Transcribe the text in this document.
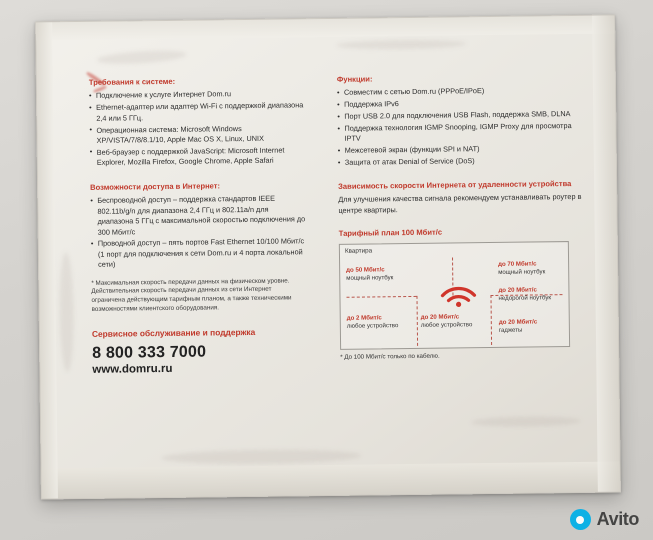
Требования к системе:
• Подключение к услуге Интернет Dom.ru
• Ethernet-адаптер или адаптер Wi-Fi с поддержкой диапазона 2,4 или 5 ГГц.
• Операционная система: Microsoft Windows XP/VISTA/7/8/8.1/10, Apple Mac OS X, Linux, UNIX
• Веб-браузер с поддержкой JavaScript: Microsoft Internet Explorer, Mozilla Firefox, Google Chrome, Apple Safari
Возможности доступа в Интернет:
• Беспроводной доступ – поддержка стандартов IEEE 802.11b/g/n для диапазона 2,4 ГГц и 802.11a/n для диапазона 5 ГГц с максимальной скоростью подключения до 300 Мбит/с
• Проводной доступ – пять портов Fast Ethernet 10/100 Мбит/с (1 порт для подключения к сети Dom.ru и 4 порта локальной сети)
* Максимальная скорость передачи данных на физическом уровне. Действительная скорость передачи данных из сети Интернет ограничена действующим тарифным планом, а также техническими возможностями клиентского оборудования.
Сервисное обслуживание и поддержка
8 800 333 7000
www.domru.ru
Функции:
• Совместим с сетью Dom.ru (PPPoE/IPoE)
• Поддержка IPv6
• Порт USB 2.0 для подключения USB Flash, поддержка SMB, DLNA
• Поддержка технология IGMP Snooping, IGMP Proxy для просмотра IPTV
• Межсетевой экран (функции SPI и NAT)
• Защита от атак Denial of Service (DoS)
Зависимость скорости Интернета от удаленности устройства
Для улучшения качества сигнала рекомендуем устанавливать роутер в центре квартиры.
Тарифный план 100 Мбит/с
Квартира
до 50 Мбит/с
мощный ноутбук
до 70 Мбит/с
мощный ноутбук
до 20 Мбит/с
недорогой ноутбук
до 2 Мбит/с
любое устройство
до 20 Мбит/с
любое устройство	до 20 Мбит/с
гаджеты
* До 100 Мбит/с только по кабелю.
Avito
